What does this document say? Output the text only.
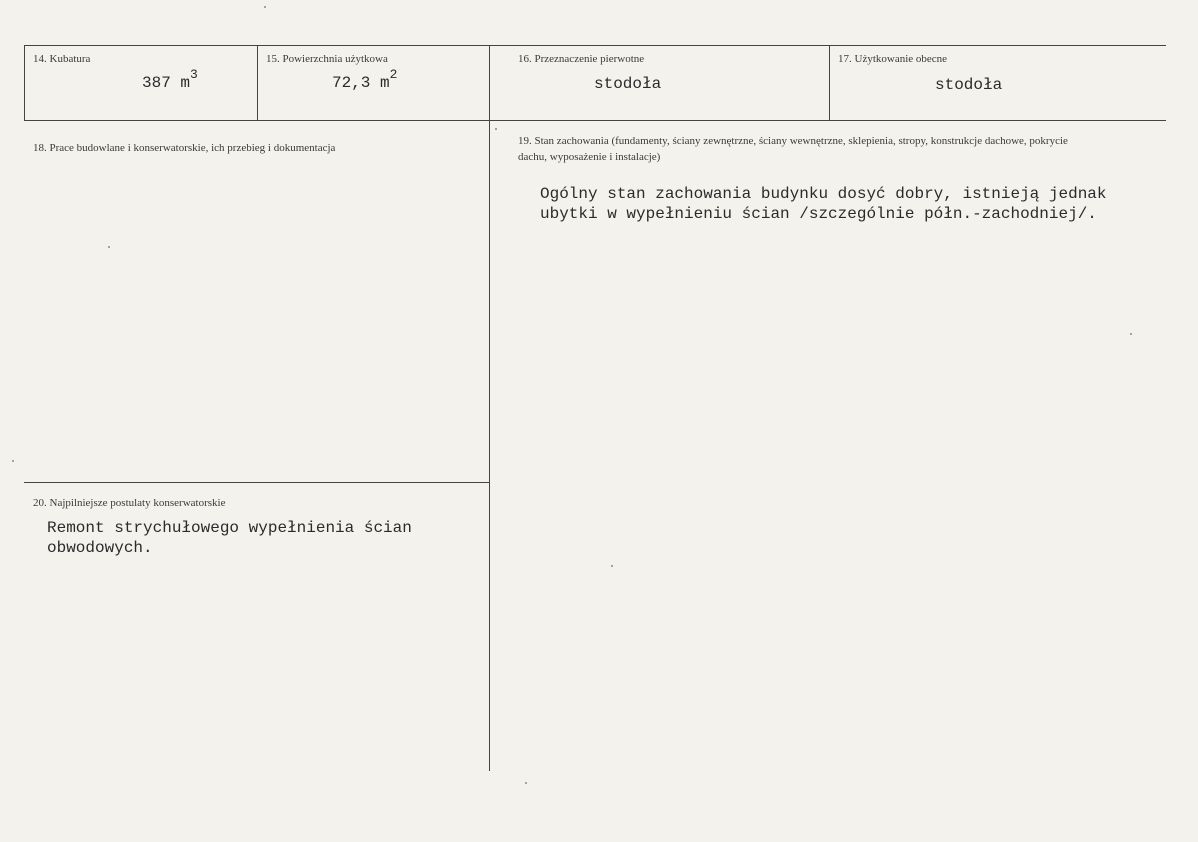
14. Kubatura
387 $m^3$
15. Powierzchnia użytkowa
72,3 $m^2$
16. Przeznaczenie pierwotne
stodoła
17. Użytkowanie obecne
stodoła
18. Prace budowlane i konserwatorskie, ich przebieg i dokumentacja
19. Stan zachowania (fundamenty, ściany zewnętrzne, ściany wewnętrzne, sklepienia, stropy, konstrukcje dachowe, pokrycie dachu, wyposażenie i instalacje)
Ogólny stan zachowania budynku dosyć dobry, istnieją jednak
ubytki w wypełnieniu ścian /szczególnie półn.-zachodniej/.
20. Najpilniejsze postulaty konserwatorskie
Remont strychułowego wypełnienia ścian
obwodowych.
